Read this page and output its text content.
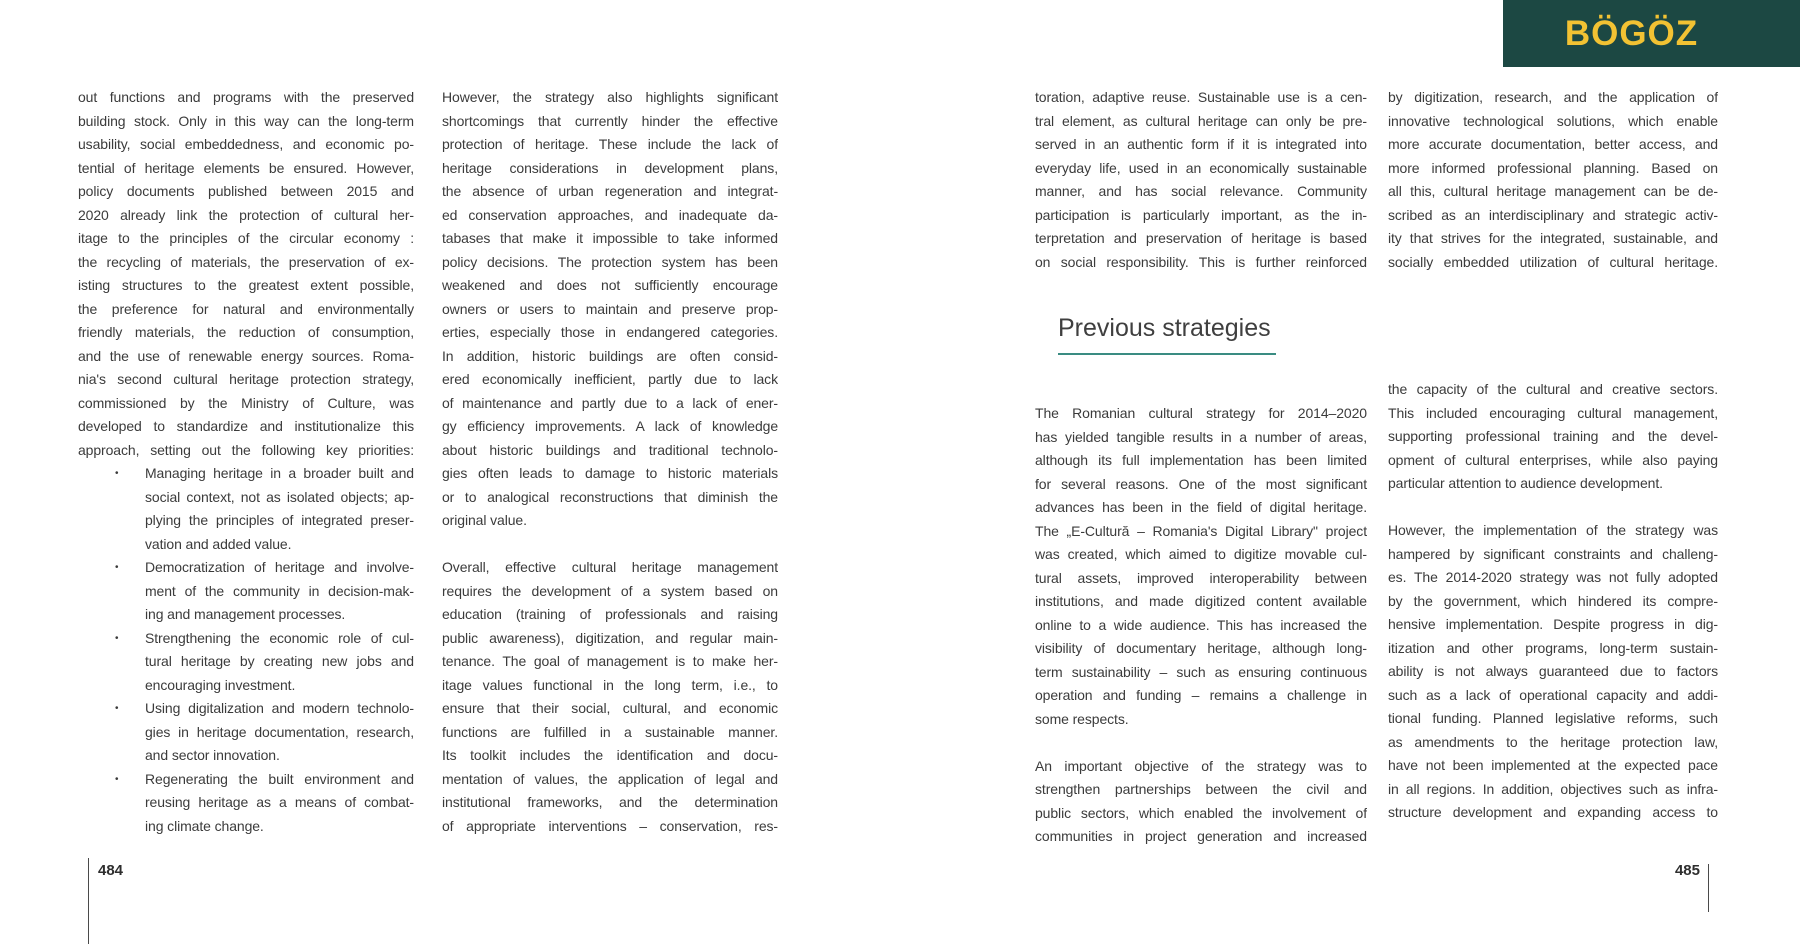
BÖGÖZ
out functions and programs with the preserved
building stock. Only in this way can the long-term
usability, social embeddedness, and economic po-
tential of heritage elements be ensured. However,
policy documents published between 2015 and
2020 already link the protection of cultural her-
itage to the principles of the circular economy :
the recycling of materials, the preservation of ex-
isting structures to the greatest extent possible,
the preference for natural and environmentally
friendly materials, the reduction of consumption,
and the use of renewable energy sources. Roma-
nia's second cultural heritage protection strategy,
commissioned by the Ministry of Culture, was
developed to standardize and institutionalize this
approach, setting out the following key priorities:
•	Managing heritage in a broader built and
social context, not as isolated objects; ap-
plying the principles of integrated preser-
vation and added value.
•	Democratization of heritage and involve-
ment of the community in decision-mak-
ing and management processes.
•	Strengthening the economic role of cul-
tural heritage by creating new jobs and
encouraging investment.
•	Using digitalization and modern technolo-
gies in heritage documentation, research,
and sector innovation.
•	Regenerating the built environment and
reusing heritage as a means of combat-
ing climate change.
However, the strategy also highlights significant
shortcomings that currently hinder the effective
protection of heritage. These include the lack of
heritage considerations in development plans,
the absence of urban regeneration and integrat-
ed conservation approaches, and inadequate da-
tabases that make it impossible to take informed
policy decisions. The protection system has been
weakened and does not sufficiently encourage
owners or users to maintain and preserve prop-
erties, especially those in endangered categories.
In addition, historic buildings are often consid-
ered economically inefficient, partly due to lack
of maintenance and partly due to a lack of ener-
gy efficiency improvements. A lack of knowledge
about historic buildings and traditional technolo-
gies often leads to damage to historic materials
or to analogical reconstructions that diminish the
original value.
Overall, effective cultural heritage management
requires the development of a system based on
education (training of professionals and raising
public awareness), digitization, and regular main-
tenance. The goal of management is to make her-
itage values functional in the long term, i.e., to
ensure that their social, cultural, and economic
functions are fulfilled in a sustainable manner.
Its toolkit includes the identification and docu-
mentation of values, the application of legal and
institutional frameworks, and the determination
of appropriate interventions – conservation, res-
484
toration, adaptive reuse. Sustainable use is a cen-
tral element, as cultural heritage can only be pre-
served in an authentic form if it is integrated into
everyday life, used in an economically sustainable
manner, and has social relevance. Community
participation is particularly important, as the in-
terpretation and preservation of heritage is based
on social responsibility. This is further reinforced
Previous strategies
The Romanian cultural strategy for 2014–2020
has yielded tangible results in a number of areas,
although its full implementation has been limited
for several reasons. One of the most significant
advances has been in the field of digital heritage.
The „E-Cultură – Romania's Digital Library" project
was created, which aimed to digitize movable cul-
tural assets, improved interoperability between
institutions, and made digitized content available
online to a wide audience. This has increased the
visibility of documentary heritage, although long-
term sustainability – such as ensuring continuous
operation and funding – remains a challenge in
some respects.
An important objective of the strategy was to
strengthen partnerships between the civil and
public sectors, which enabled the involvement of
communities in project generation and increased
by digitization, research, and the application of
innovative technological solutions, which enable
more accurate documentation, better access, and
more informed professional planning. Based on
all this, cultural heritage management can be de-
scribed as an interdisciplinary and strategic activ-
ity that strives for the integrated, sustainable, and
socially embedded utilization of cultural heritage.
the capacity of the cultural and creative sectors.
This included encouraging cultural management,
supporting professional training and the devel-
opment of cultural enterprises, while also paying
particular attention to audience development.
However, the implementation of the strategy was
hampered by significant constraints and challeng-
es. The 2014-2020 strategy was not fully adopted
by the government, which hindered its compre-
hensive implementation. Despite progress in dig-
itization and other programs, long-term sustain-
ability is not always guaranteed due to factors
such as a lack of operational capacity and addi-
tional funding. Planned legislative reforms, such
as amendments to the heritage protection law,
have not been implemented at the expected pace
in all regions. In addition, objectives such as infra-
structure development and expanding access to
485
